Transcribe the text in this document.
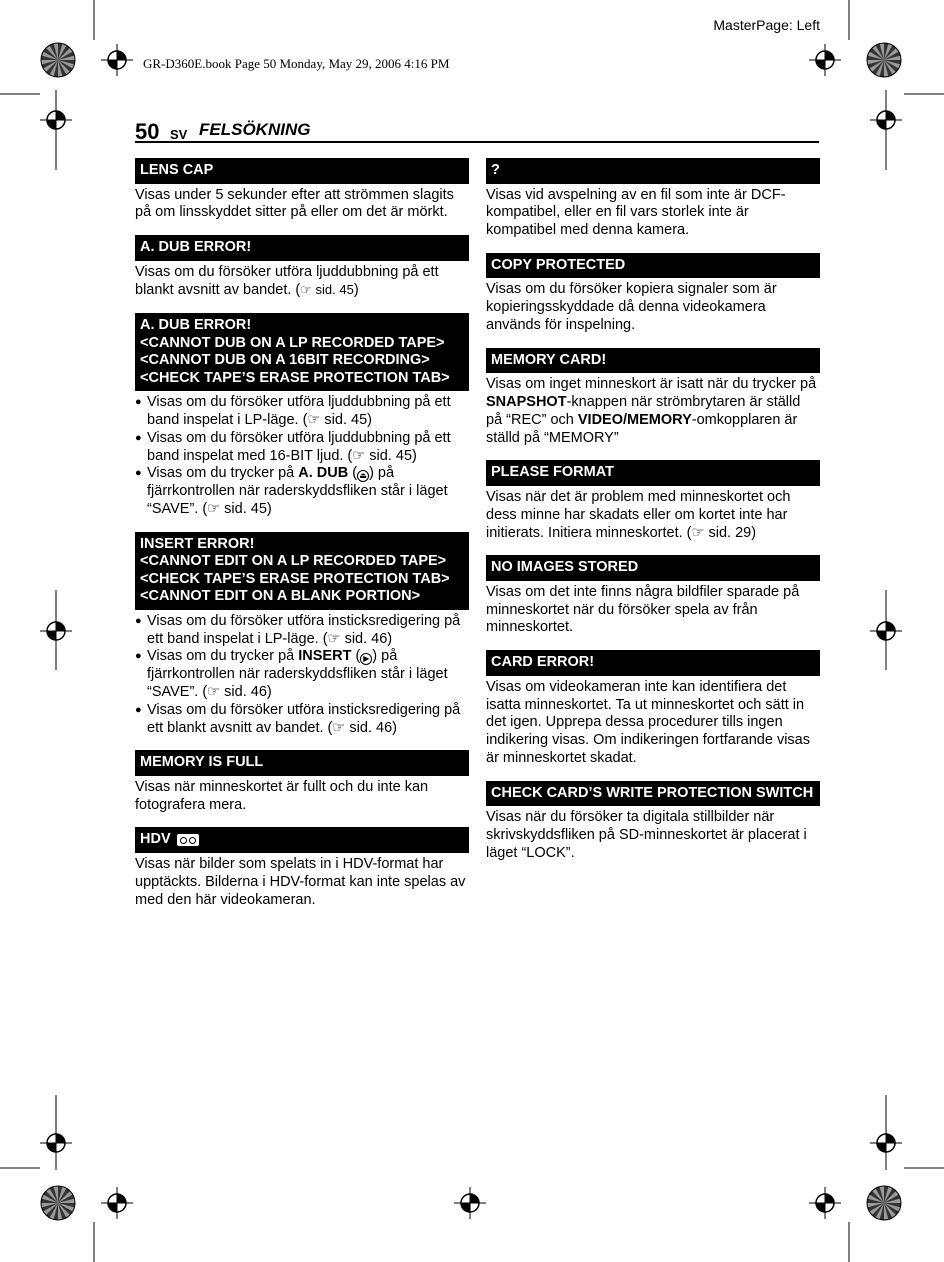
MasterPage: Left
GR-D360E.book Page 50 Monday, May 29, 2006 4:16 PM
50 SV FELSÖKNING
LENS CAP
Visas under 5 sekunder efter att strömmen slagits på om linsskyddet sitter på eller om det är mörkt.
A. DUB ERROR!
Visas om du försöker utföra ljuddubbning på ett blankt avsnitt av bandet. (☞ sid. 45)
A. DUB ERROR!
<CANNOT DUB ON A LP RECORDED TAPE>
<CANNOT DUB ON A 16BIT RECORDING>
<CHECK TAPE’S ERASE PROTECTION TAB>
● Visas om du försöker utföra ljuddubbning på ett band inspelat i LP-läge. (☞ sid. 45)
● Visas om du försöker utföra ljuddubbning på ett band inspelat med 16-BIT ljud. (☞ sid. 45)
● Visas om du trycker på A. DUB ( ⏏ ) på fjärrkontrollen när raderskyddsfliken står i läget “SAVE”. (☞ sid. 45)
INSERT ERROR!
<CANNOT EDIT ON A LP RECORDED TAPE>
<CHECK TAPE’S ERASE PROTECTION TAB>
<CANNOT EDIT ON A BLANK PORTION>
● Visas om du försöker utföra insticksredigering på ett band inspelat i LP-läge. (☞ sid. 46)
● Visas om du trycker på INSERT ( ▶ ) på fjärrkontrollen när raderskyddsfliken står i läget “SAVE”. (☞ sid. 46)
● Visas om du försöker utföra insticksredigering på ett blankt avsnitt av bandet. (☞ sid. 46)
MEMORY IS FULL
Visas när minneskortet är fullt och du inte kan fotografera mera.
HDV
Visas när bilder som spelats in i HDV-format har upptäckts. Bilderna i HDV-format kan inte spelas av med den här videokameran.
?
Visas vid avspelning av en fil som inte är DCF-kompatibel, eller en fil vars storlek inte är kompatibel med denna kamera.
COPY PROTECTED
Visas om du försöker kopiera signaler som är kopieringsskyddade då denna videokamera används för inspelning.
MEMORY CARD!
Visas om inget minneskort är isatt när du trycker på SNAPSHOT-knappen när strömbrytaren är ställd på “REC” och VIDEO/MEMORY-omkopplaren är ställd på “MEMORY”
PLEASE FORMAT
Visas när det är problem med minneskortet och dess minne har skadats eller om kortet inte har initierats. Initiera minneskortet. (☞ sid. 29)
NO IMAGES STORED
Visas om det inte finns några bildfiler sparade på minneskortet när du försöker spela av från minneskortet.
CARD ERROR!
Visas om videokameran inte kan identifiera det isatta minneskortet. Ta ut minneskortet och sätt in det igen. Upprepa dessa procedurer tills ingen indikering visas. Om indikeringen fortfarande visas är minneskortet skadat.
CHECK CARD’S WRITE PROTECTION SWITCH
Visas när du försöker ta digitala stillbilder när skrivskyddsfliken på SD-minneskortet är placerat i läget “LOCK”.
